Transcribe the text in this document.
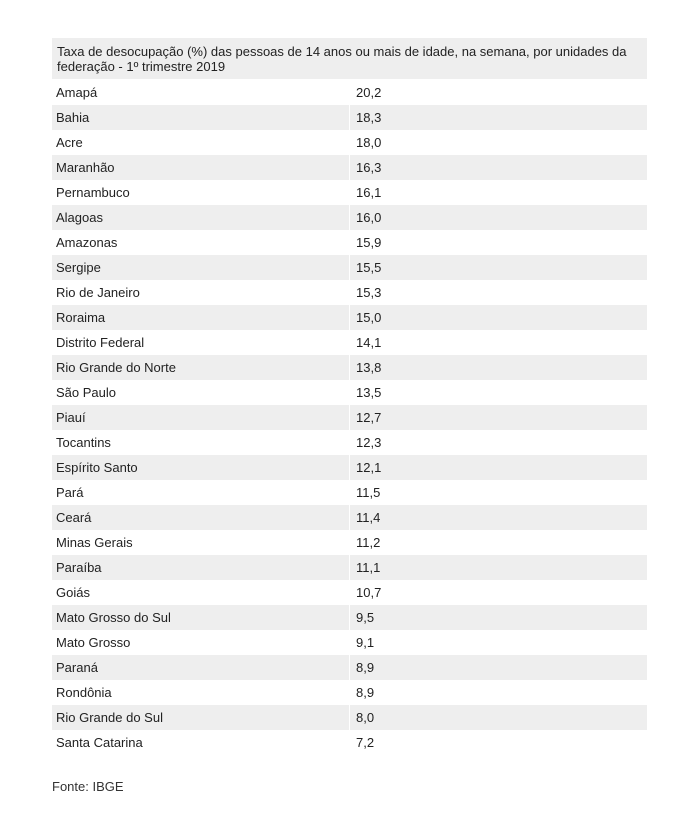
Taxa de desocupação (%) das pessoas de 14 anos ou mais de idade, na semana, por unidades da federação - 1º trimestre 2019	
Amapá	20,2
Bahia	18,3
Acre	18,0
Maranhão	16,3
Pernambuco	16,1
Alagoas	16,0
Amazonas	15,9
Sergipe	15,5
Rio de Janeiro	15,3
Roraima	15,0
Distrito Federal	14,1
Rio Grande do Norte	13,8
São Paulo	13,5
Piauí	12,7
Tocantins	12,3
Espírito Santo	12,1
Pará	11,5
Ceará	11,4
Minas Gerais	11,2
Paraíba	11,1
Goiás	10,7
Mato Grosso do Sul	9,5
Mato Grosso	9,1
Paraná	8,9
Rondônia	8,9
Rio Grande do Sul	8,0
Santa Catarina	7,2
Fonte: IBGE
